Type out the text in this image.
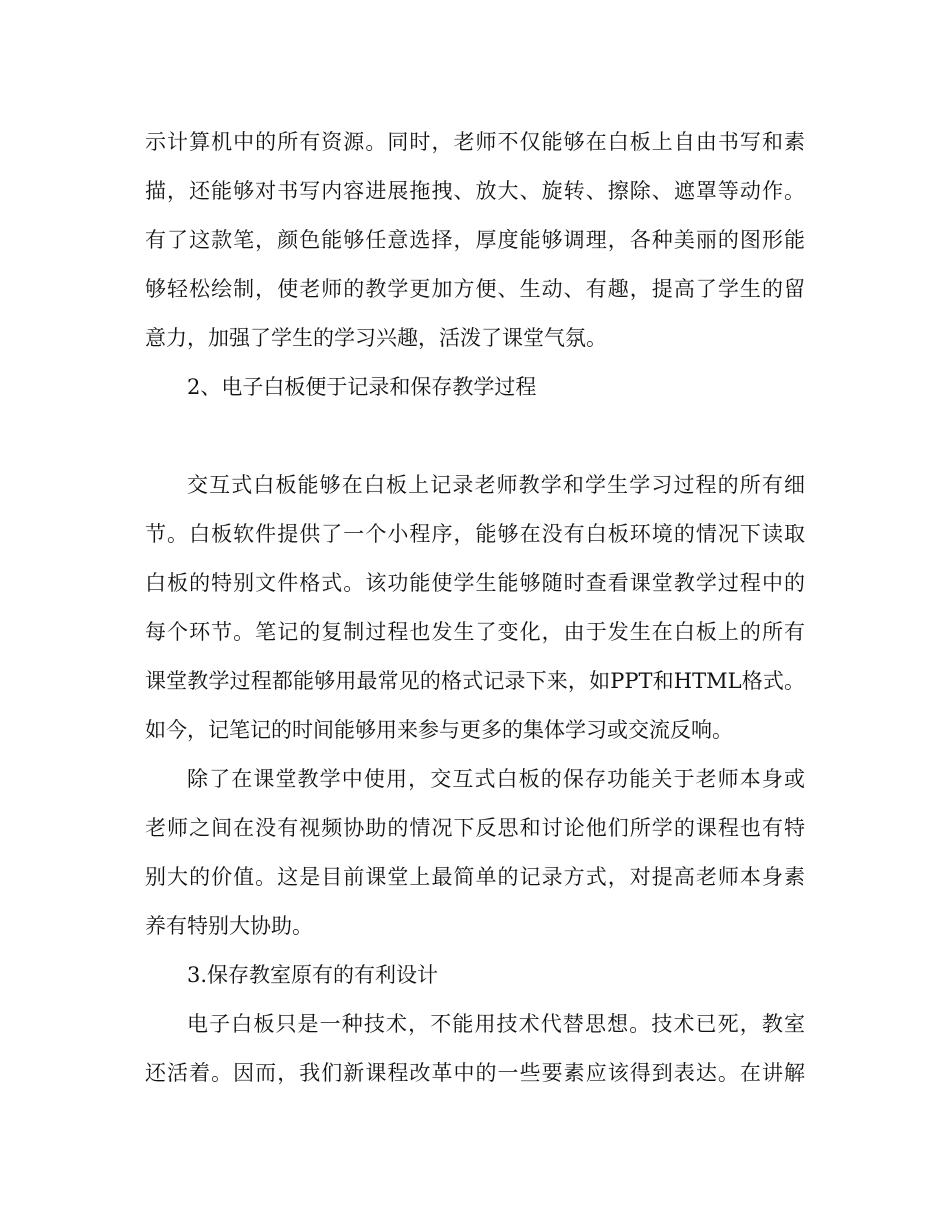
示计算机中的所有资源。同时，老师不仅能够在白板上自由书写和素
描，还能够对书写内容进展拖拽、放大、旋转、擦除、遮罩等动作。
有了这款笔，颜色能够任意选择，厚度能够调理，各种美丽的图形能
够轻松绘制，使老师的教学更加方便、生动、有趣，提高了学生的留
意力，加强了学生的学习兴趣，活泼了课堂气氛。
2、电子白板便于记录和保存教学过程
交互式白板能够在白板上记录老师教学和学生学习过程的所有细
节。白板软件提供了一个小程序，能够在没有白板环境的情况下读取
白板的特别文件格式。该功能使学生能够随时查看课堂教学过程中的
每个环节。笔记的复制过程也发生了变化，由于发生在白板上的所有
课堂教学过程都能够用最常见的格式记录下来，如PPT和HTML格式。
如今，记笔记的时间能够用来参与更多的集体学习或交流反响。
除了在课堂教学中使用，交互式白板的保存功能关于老师本身或
老师之间在没有视频协助的情况下反思和讨论他们所学的课程也有特
别大的价值。这是目前课堂上最简单的记录方式，对提高老师本身素
养有特别大协助。
3.保存教室原有的有利设计
电子白板只是一种技术，不能用技术代替思想。技术已死，教室
还活着。因而，我们新课程改革中的一些要素应该得到表达。在讲解
